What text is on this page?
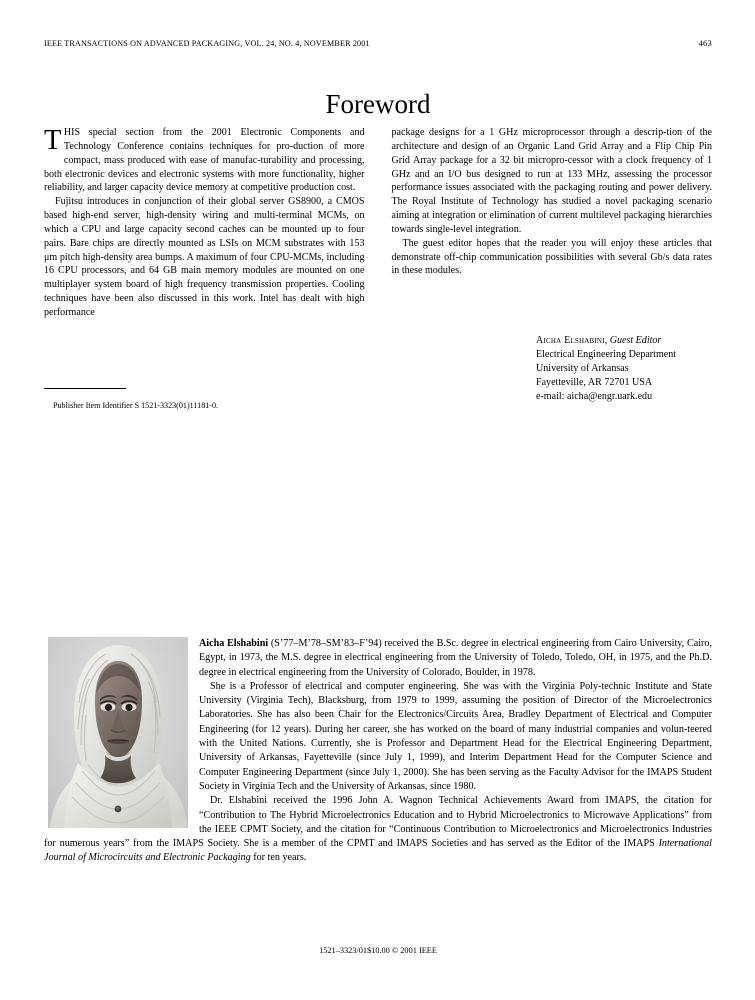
IEEE TRANSACTIONS ON ADVANCED PACKAGING, VOL. 24, NO. 4, NOVEMBER 2001	463
Foreword

THIS special section from the 2001 Electronic Components and Technology Conference contains techniques for pro-duction of more compact, mass produced with ease of manufac-turability and processing, both electronic devices and electronic systems with more functionality, higher reliability, and larger capacity device memory at competitive production cost.

Fujitsu introduces in conjunction of their global server GS8900, a CMOS based high-end server, high-density wiring and multi-terminal MCMs, on which a CPU and large capacity second caches can be mounted up to four pairs. Bare chips are directly mounted as LSIs on MCM substrates with 153 μm pitch high-density area bumps. A maximum of four CPU-MCMs, including 16 CPU processors, and 64 GB main memory modules are mounted on one multiplayer system board of high frequency transmission properties. Cooling techniques have been also discussed in this work. Intel has dealt with high performance

package designs for a 1 GHz microprocessor through a descrip-tion of the architecture and design of an Organic Land Grid Array and a Flip Chip Pin Grid Array package for a 32 bit micropro-cessor with a clock frequency of 1 GHz and an I/O bus designed to run at 133 MHz, assessing the processor performance issues associated with the packaging routing and power delivery. The Royal Institute of Technology has studied a novel packaging scenario aiming at integration or elimination of current multilevel packaging hierarchies towards single-level integration.

The guest editor hopes that the reader you will enjoy these articles that demonstrate off-chip communication possibilities with several Gb/s data rates in these modules.

Publisher Item Identifier S 1521-3323(01)11181-0.
Aicha Elshabini, Guest Editor
Electrical Engineering Department
University of Arkansas
Fayetteville, AR 72701 USA
e-mail: aicha@engr.uark.edu

Aicha Elshabini (S’77–M’78–SM’83–F’94) received the B.Sc. degree in electrical engineering from Cairo University, Cairo, Egypt, in 1973, the M.S. degree in electrical engineering from the University of Toledo, Toledo, OH, in 1975, and the Ph.D. degree in electrical engineering from the University of Colorado, Boulder, in 1978.

She is a Professor of electrical and computer engineering. She was with the Virginia Poly-technic Institute and State University (Virginia Tech), Blacksburg, from 1979 to 1999, assuming the position of Director of the Microelectronics Laboratories. She has also been Chair for the Electronics/Circuits Area, Bradley Department of Electrical and Computer Engineering (for 12 years). During her career, she has worked on the board of many industrial companies and volun-teered with the United Nations. Currently, she is Professor and Department Head for the Electrical Engineering Department, University of Arkansas, Fayetteville (since July 1, 1999), and Interim Department Head for the Computer Science and Computer Engineering Department (since July 1, 2000). She has been serving as the Faculty Advisor for the IMAPS Student Society in Virginia Tech and the University of Arkansas, since 1980.

Dr. Elshabini received the 1996 John A. Wagnon Technical Achievements Award from IMAPS, the citation for “Contribution to The Hybrid Microelectronics Education and to Hybrid Microelectronics to Microwave Applications” from the IEEE CPMT Society, and the citation for “Continuous Contribution to Microelectronics and Microelectronics Industries for numerous years” from the IMAPS Society. She is a member of the CPMT and IMAPS Societies and has served as the Editor of the IMAPS International Journal of Microcircuits and Electronic Packaging for ten years.

1521–3323/01$10.00 © 2001 IEEE
